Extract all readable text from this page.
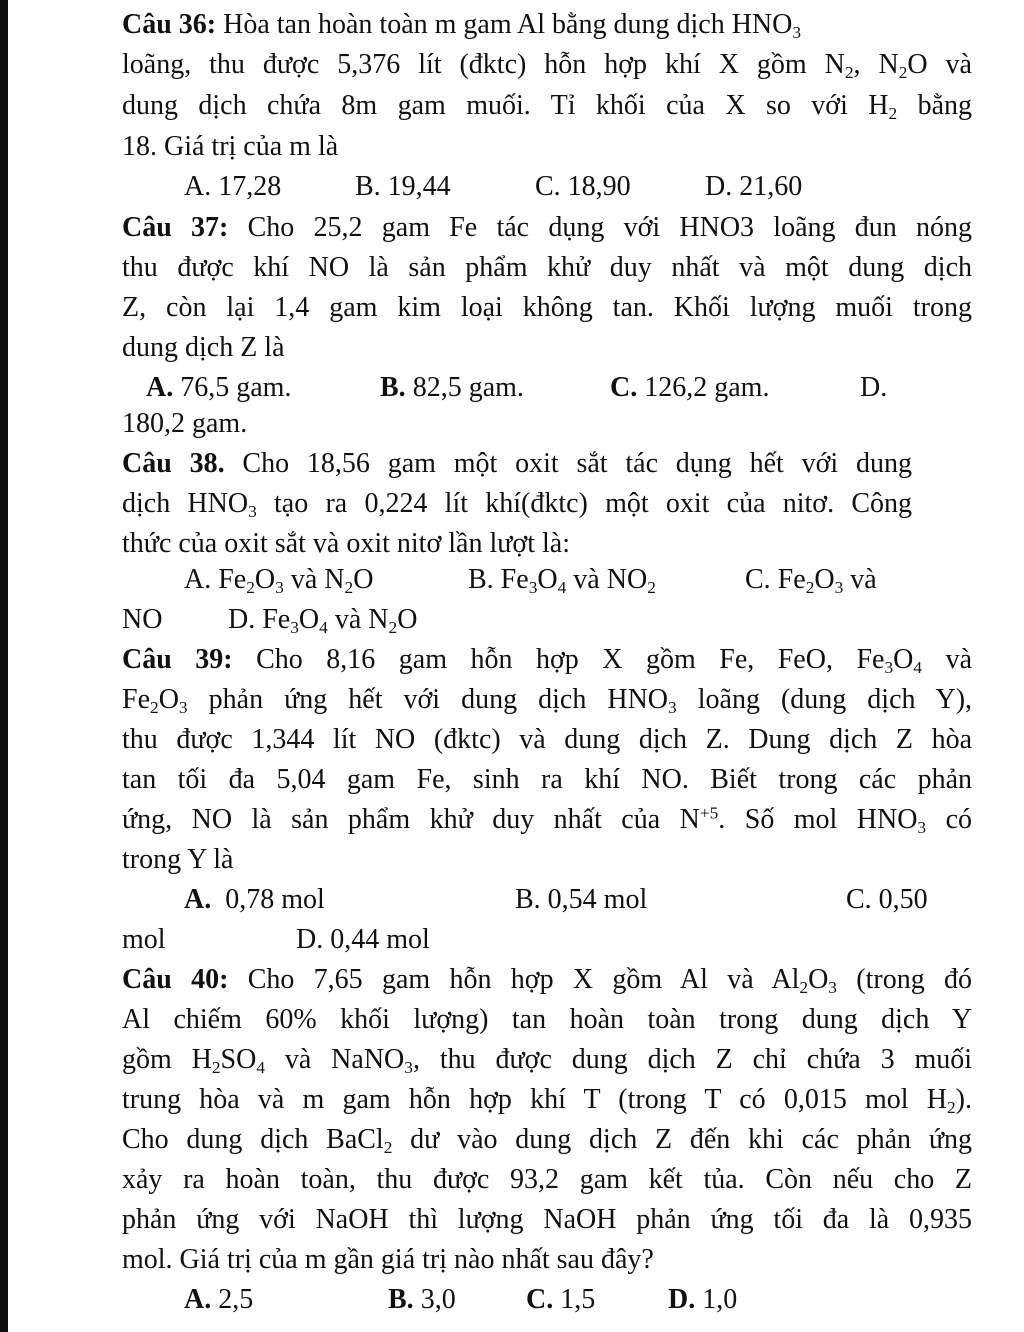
Câu 36: Hòa tan hoàn toàn m gam Al bằng dung dịch $HNO_3$
loãng, thu được 5,376 lít (đktc) hỗn hợp khí X gồm $N_2$, $N_2O$ và
dung dịch chứa 8m gam muối. Tỉ khối của X so với $H_2$ bằng
18. Giá trị của m là
A. 17,28	B. 19,44	C. 18,90	D. 21,60
Câu 37: Cho 25,2 gam Fe tác dụng với HNO3 loãng đun nóng
thu được khí NO là sản phẩm khử duy nhất và một dung dịch
Z, còn lại 1,4 gam kim loại không tan. Khối lượng muối trong
dung dịch Z là
A. 76,5 gam.	B. 82,5 gam.	C. 126,2 gam.	D.
180,2 gam.
Câu 38. Cho 18,56 gam một oxit sắt tác dụng hết với dung
dịch $HNO_3$ tạo ra 0,224 lít khí(đktc) một oxit của nitơ. Công
thức của oxit sắt và oxit nitơ lần lượt là:
A. $Fe_2O_3$ và $N_2O$	B. $Fe_3O_4$ và $NO_2$	C. $Fe_2O_3$ và
NO D. $Fe_3O_4$ và $N_2O$
Câu 39: Cho 8,16 gam hỗn hợp X gồm Fe, FeO, $Fe_3O_4$ và
$Fe_2O_3$ phản ứng hết với dung dịch $HNO_3$ loãng (dung dịch Y),
thu được 1,344 lít NO (đktc) và dung dịch Z. Dung dịch Z hòa
tan tối đa 5,04 gam Fe, sinh ra khí NO. Biết trong các phản
ứng, NO là sản phẩm khử duy nhất của $N^{+5}$. Số mol $HNO_3$ có
trong Y là
A. 0,78 mol	B. 0,54 mol	C. 0,50
mol	D. 0,44 mol
Câu 40: Cho 7,65 gam hỗn hợp X gồm Al và $Al_2O_3$ (trong đó
Al chiếm 60% khối lượng) tan hoàn toàn trong dung dịch Y
gồm $H_2SO_4$ và NaNO$_3$, thu được dung dịch Z chỉ chứa 3 muối
trung hòa và m gam hỗn hợp khí T (trong T có 0,015 mol $H_2$).
Cho dung dịch BaCl$_2$ dư vào dung dịch Z đến khi các phản ứng
xảy ra hoàn toàn, thu được 93,2 gam kết tủa. Còn nếu cho Z
phản ứng với NaOH thì lượng NaOH phản ứng tối đa là 0,935
mol. Giá trị của m gần giá trị nào nhất sau đây?
A. 2,5	B. 3,0	C. 1,5	D. 1,0
